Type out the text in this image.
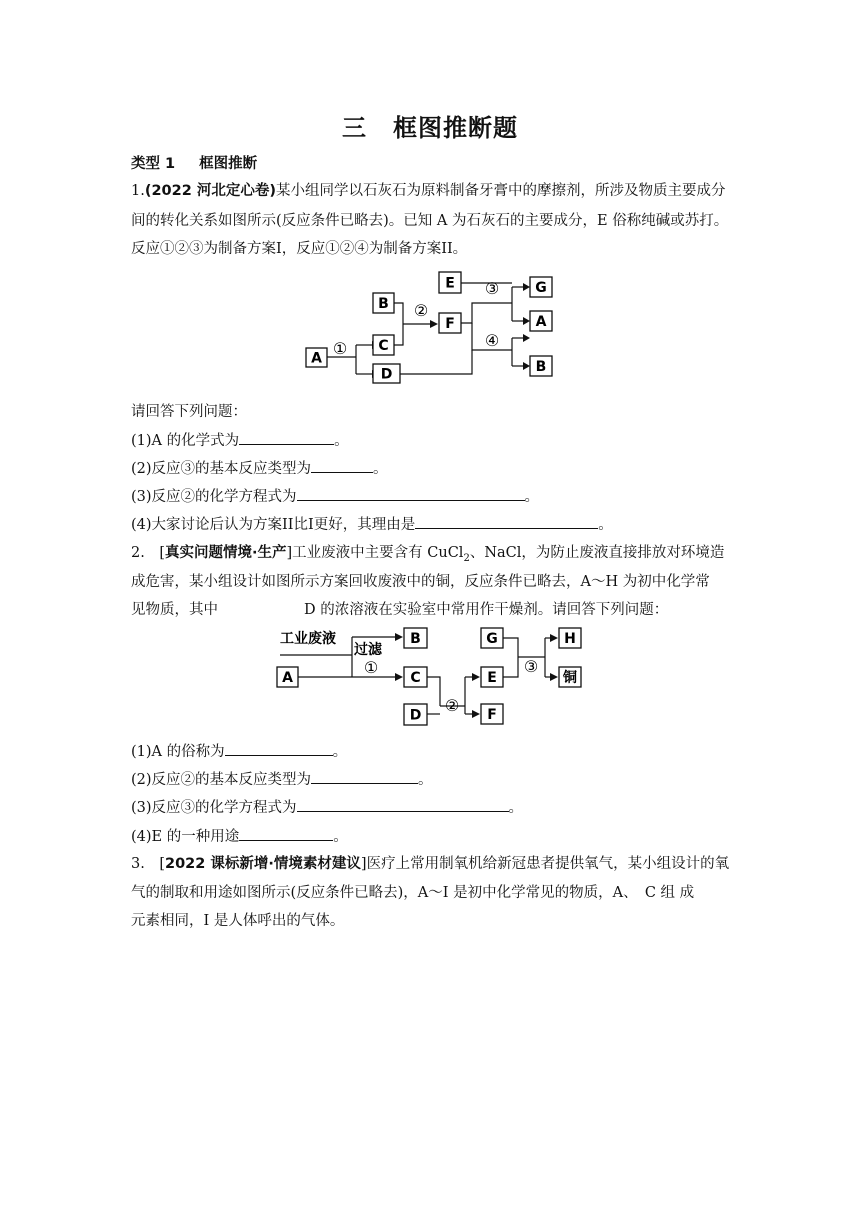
三 框图推断题
类型 1 框图推断
1.(2022 河北定心卷)某小组同学以石灰石为原料制备牙膏中的摩擦剂，所涉及物质主要成分
间的转化关系如图所示(反应条件已略去)。已知 A 为石灰石的主要成分，E 俗称纯碱或苏打。
反应①②③为制备方案I，反应①②④为制备方案II。
A
B
C
D
E
F
G
A
B
①
②
③
④
请回答下列问题：
(1)A 的化学式为	。
(2)反应③的基本反应类型为	。
(3)反应②的化学方程式为	。
(4)大家讨论后认为方案II比I更好，其理由是	。
2.　[真实问题情境·生产]工业废液中主要含有 CuCl$_2$、NaCl，为防止废液直接排放对环境造
成危害，某小组设计如图所示方案回收废液中的铜，反应条件已略去，A～H 为初中化学常
见物质，其中	D 的浓溶液在实验室中常用作干燥剂。请回答下列问题：
工业废液
过滤
A
B
C
D
E
F
G	H
铜
①
②
③
(1)A 的俗称为	。
(2)反应②的基本反应类型为	。
(3)反应③的化学方程式为	。
(4)E 的一种用途	。
3.　[2022 课标新增·情境素材建议]医疗上常用制氧机给新冠患者提供氧气，某小组设计的氧
气的制取和用途如图所示(反应条件已略去)，A～I 是初中化学常见的物质，A、　C 组 成
元素相同，I 是人体呼出的气体。
